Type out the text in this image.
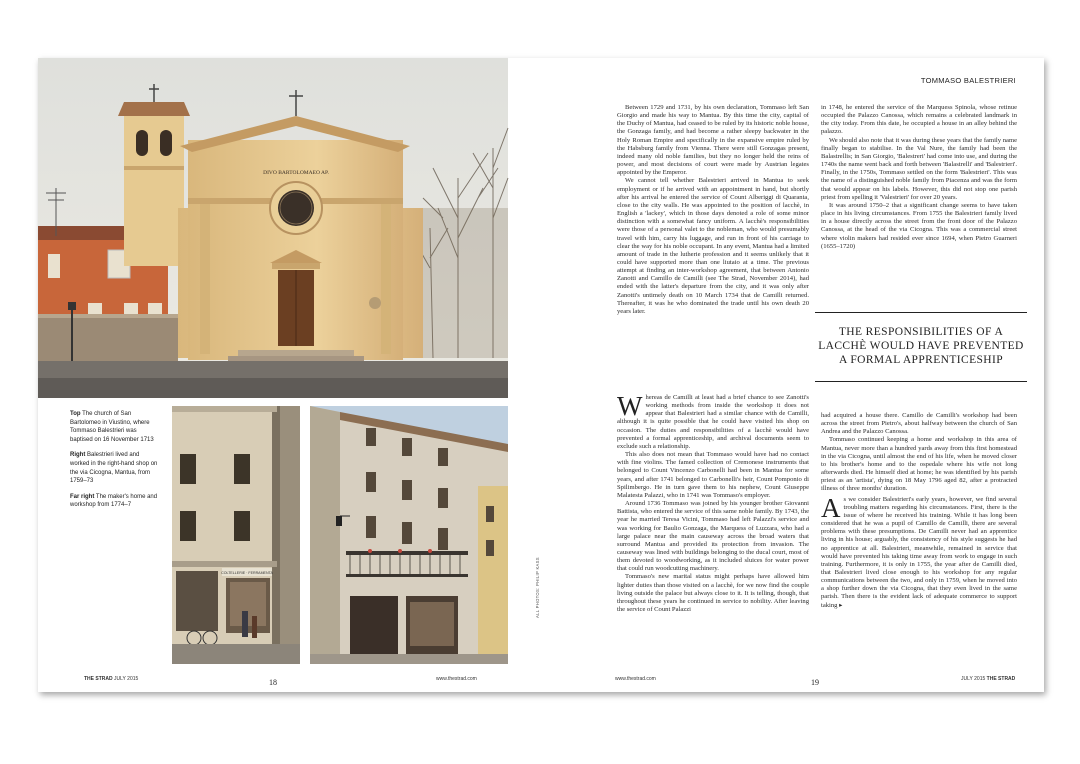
DIVO BARTOLOMAEO AP.

Top The church of San Bartolomeo in Viustino, where Tommaso Balestrieri was baptised on 16 November 1713

Right Balestrieri lived and worked in the right-hand shop on the via Cicogna, Mantua, from 1759–73

Far right The maker's home and workshop from 1774–7

COLTELLERIE · FERRAMENTA
THE STRAD JULY 2015	18	www.thestrad.com
TOMMASO BALESTRIERI
ALL PHOTOS: PHILIP KASS

Between 1729 and 1731, by his own declaration, Tommaso left San Giorgio and made his way to Mantua. By this time the city, capital of the Duchy of Mantua, had ceased to be ruled by its historic noble house, the Gonzaga family, and had become a rather sleepy backwater in the Holy Roman Empire and specifically in the expansive empire ruled by the Habsburg family from Vienna. There were still Gonzagas present, indeed many old noble families, but they no longer held the reins of power, and most decisions of court were made by Austrian legates appointed by the Emperor.

We cannot tell whether Balestrieri arrived in Mantua to seek employment or if he arrived with an appointment in hand, but shortly after his arrival he entered the service of Count Alberiggi di Quaranta, close to the city walls. He was appointed to the position of lacchè, in English a 'lackey', which in those days denoted a role of some minor distinction with a somewhat fancy uniform. A lacchè's responsibilities were those of a personal valet to the nobleman, who would presumably travel with him, carry his luggage, and run in front of his carriage to clear the way for his noble occupant. In any event, Mantua had a limited amount of trade in the lutherie profession and it seems unlikely that it could have supported more than one liutaio at a time. The previous attempt at finding an inter-workshop agreement, that between Antonio Zanotti and Camillo de Camilli (see The Strad, November 2014), had ended with the latter's departure from the city, and it was only after Zanotti's untimely death on 10 March 1734 that de Camilli returned. Thereafter, it was he who dominated the trade until his own death 20 years later.

Whereas de Camilli at least had a brief chance to see Zanotti's working methods from inside the workshop it does not appear that Balestrieri had a similar chance with de Camilli, although it is quite possible that he could have visited his shop on occasion. The duties and responsibilities of a lacchè would have prevented a formal apprenticeship, and archival documents seem to exclude such a relationship.

This also does not mean that Tommaso would have had no contact with fine violins. The famed collection of Cremonese instruments that belonged to Count Vincenzo Carbonelli had been in Mantua for some years, and after 1741 belonged to Carbonelli's heir, Count Pomponio di Spilimbergo. He in turn gave them to his nephew, Count Giuseppe Malatesta Palazzi, who in 1741 was Tommaso's employer.

Around 1736 Tommaso was joined by his younger brother Giovanni Battista, who entered the service of this same noble family. By 1743, the year he married Teresa Vicini, Tommaso had left Palazzi's service and was working for Baulio Gonzaga, the Marquess of Luzzara, who had a large palace near the main causeway across the broad waters that surround Mantua and provided its protection from invasion. The causeway was lined with buildings belonging to the ducal court, most of them devoted to woodworking, as it included sluices for water power that could run woodcutting machinery.

Tommaso's new marital status might perhaps have allowed him lighter duties than those visited on a lacchè, for we now find the couple living outside the palace but always close to it. It is telling, though, that throughout these years he continued in service to nobility. After leaving the service of Count Palazzi

in 1748, he entered the service of the Marquess Spinola, whose retinue occupied the Palazzo Canossa, which remains a celebrated landmark in the city today. From this date, he occupied a house in an alley behind the palazzo.

We should also note that it was during these years that the family name finally began to stabilise. In the Val Nure, the family had been the Balastrellis; in San Giorgio, 'Balestreri' had come into use, and during the 1740s the name went back and forth between 'Balastrelli' and 'Balestrieri'. Finally, in the 1750s, Tommaso settled on the form 'Balestrieri'. This was the name of a distinguished noble family from Piacenza and was the form that would appear on his labels. However, this did not stop one parish priest from spelling it 'Valestrieri' for over 20 years.

It was around 1750–2 that a significant change seems to have taken place in his living circumstances. From 1755 the Balestrieri family lived in a house directly across the street from the front door of the Palazzo Canossa, at the head of the via Cicogna. This was a commercial street where violin makers had resided ever since 1694, when Pietro Guarneri (1655–1720)

THE RESPONSIBILITIES OF A LACCHÈ WOULD HAVE PREVENTED A FORMAL APPRENTICESHIP

had acquired a house there. Camillo de Camilli's workshop had been across the street from Pietro's, about halfway between the church of San Andrea and the Palazzo Canossa.

Tommaso continued keeping a home and workshop in this area of Mantua, never more than a hundred yards away from this first homestead in the via Cicogna, until almost the end of his life, when he moved closer to his brother's home and to the ospedale where his wife not long afterwards died. He himself died at home; he was identified by his parish priest as an 'artista', dying on 18 May 1796 aged 82, after a protracted illness of three months' duration.

As we consider Balestrieri's early years, however, we find several troubling matters regarding his circumstances. First, there is the issue of where he received his training. While it has long been considered that he was a pupil of Camillo de Camilli, there are several problems with these presumptions. De Camilli never had an apprentice living in his house; arguably, the consistency of his style suggests he had no apprentice at all. Balestrieri, meanwhile, remained in service that would have prevented his taking time away from work to engage in such training. Furthermore, it is only in 1755, the year after de Camilli died, that Balestrieri lived close enough to his workshop for any regular communications between the two, and only in 1759, when he moved into a shop further down the via Cicogna, that they even lived in the same parish. Then there is the evident lack of adequate commerce to support taking ▸

www.thestrad.com	19	JULY 2015 THE STRAD
